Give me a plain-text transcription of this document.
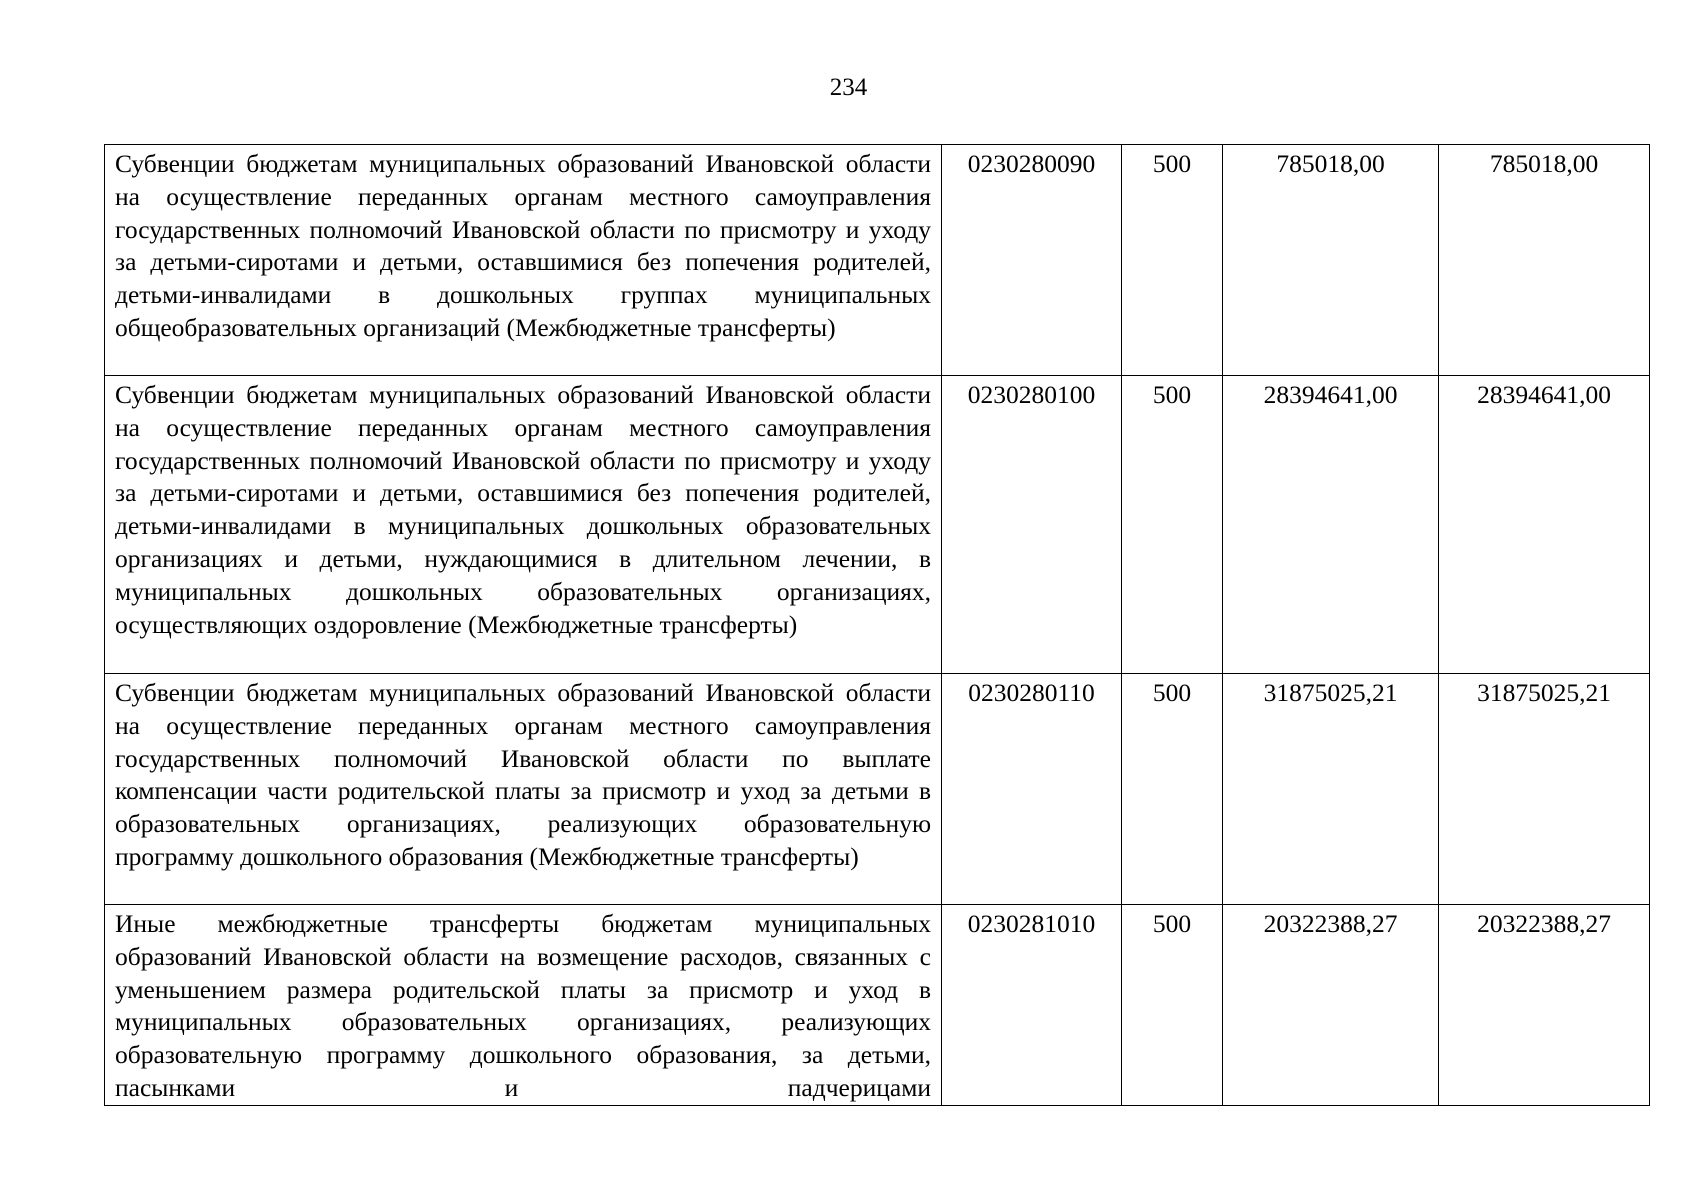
234
Субвенции бюджетам муниципальных образований Ивановской области на осуществление переданных органам местного самоуправления государственных полномочий Ивановской области по присмотру и уходу за детьми-сиротами и детьми, оставшимися без попечения родителей, детьми-инвалидами в дошкольных группах муниципальных общеобразовательных организаций (Межбюджетные трансферты)	0230280090	500	785018,00	785018,00
Субвенции бюджетам муниципальных образований Ивановской области на осуществление переданных органам местного самоуправления государственных полномочий Ивановской области по присмотру и уходу за детьми-сиротами и детьми, оставшимися без попечения родителей, детьми-инвалидами в муниципальных дошкольных образовательных организациях и детьми, нуждающимися в длительном лечении, в муниципальных дошкольных образовательных организациях, осуществляющих оздоровление (Межбюджетные трансферты)	0230280100	500	28394641,00	28394641,00
Субвенции бюджетам муниципальных образований Ивановской области на осуществление переданных органам местного самоуправления государственных полномочий Ивановской области по выплате компенсации части родительской платы за присмотр и уход за детьми в образовательных организациях, реализующих образовательную программу дошкольного образования (Межбюджетные трансферты)	0230280110	500	31875025,21	31875025,21
Иные межбюджетные трансферты бюджетам муниципальных образований Ивановской области на возмещение расходов, связанных с уменьшением размера родительской платы за присмотр и уход в муниципальных образовательных организациях, реализующих образовательную программу дошкольного образования, за детьми, пасынками и падчерицами	0230281010	500	20322388,27	20322388,27
